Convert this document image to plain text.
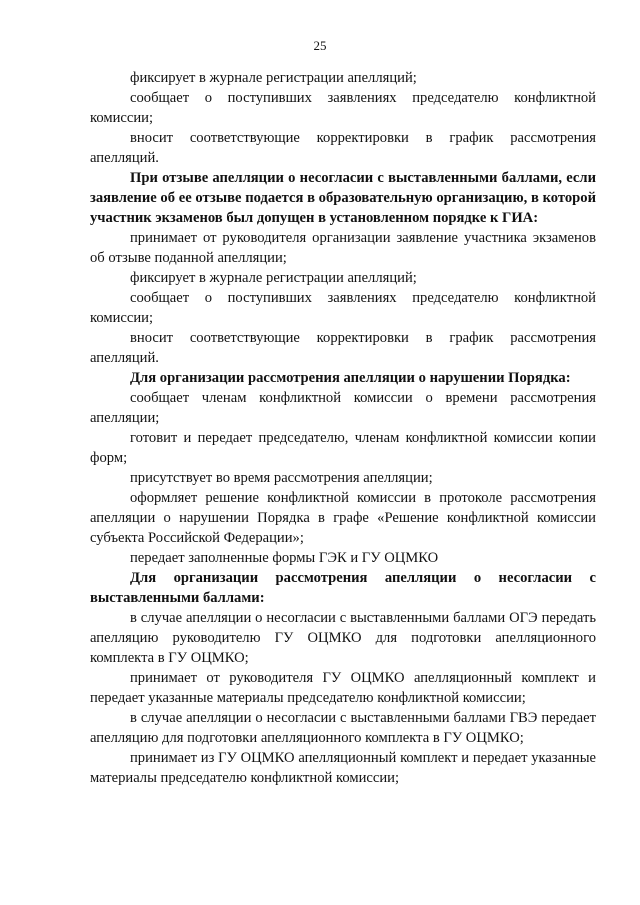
25

фиксирует в журнале регистрации апелляций;

сообщает о поступивших заявлениях председателю конфликтной комиссии;

вносит соответствующие корректировки в график рассмотрения апелляций.

При отзыве апелляции о несогласии с выставленными баллами, если заявление об ее отзыве подается в образовательную организацию, в которой участник экзаменов был допущен в установленном порядке к ГИА:

принимает от руководителя организации заявление участника экзаменов об отзыве поданной апелляции;

фиксирует в журнале регистрации апелляций;

сообщает о поступивших заявлениях председателю конфликтной комиссии;

вносит соответствующие корректировки в график рассмотрения апелляций.

Для организации рассмотрения апелляции о нарушении Порядка:

сообщает членам конфликтной комиссии о времени рассмотрения апелляции;

готовит и передает председателю, членам конфликтной комиссии копии форм;

присутствует во время рассмотрения апелляции;

оформляет решение конфликтной комиссии в протоколе рассмотрения апелляции о нарушении Порядка в графе «Решение конфликтной комиссии субъекта Российской Федерации»;

передает заполненные формы ГЭК и ГУ ОЦМКО

Для организации рассмотрения апелляции о несогласии с выставленными баллами:

в случае апелляции о несогласии с выставленными баллами ОГЭ передать апелляцию руководителю ГУ ОЦМКО для подготовки апелляционного комплекта в ГУ ОЦМКО;

принимает от руководителя ГУ ОЦМКО апелляционный комплект и передает указанные материалы председателю конфликтной комиссии;

в случае апелляции о несогласии с выставленными баллами ГВЭ передает апелляцию для подготовки апелляционного комплекта в ГУ ОЦМКО;

принимает из ГУ ОЦМКО апелляционный комплект и передает указанные материалы председателю конфликтной комиссии;
